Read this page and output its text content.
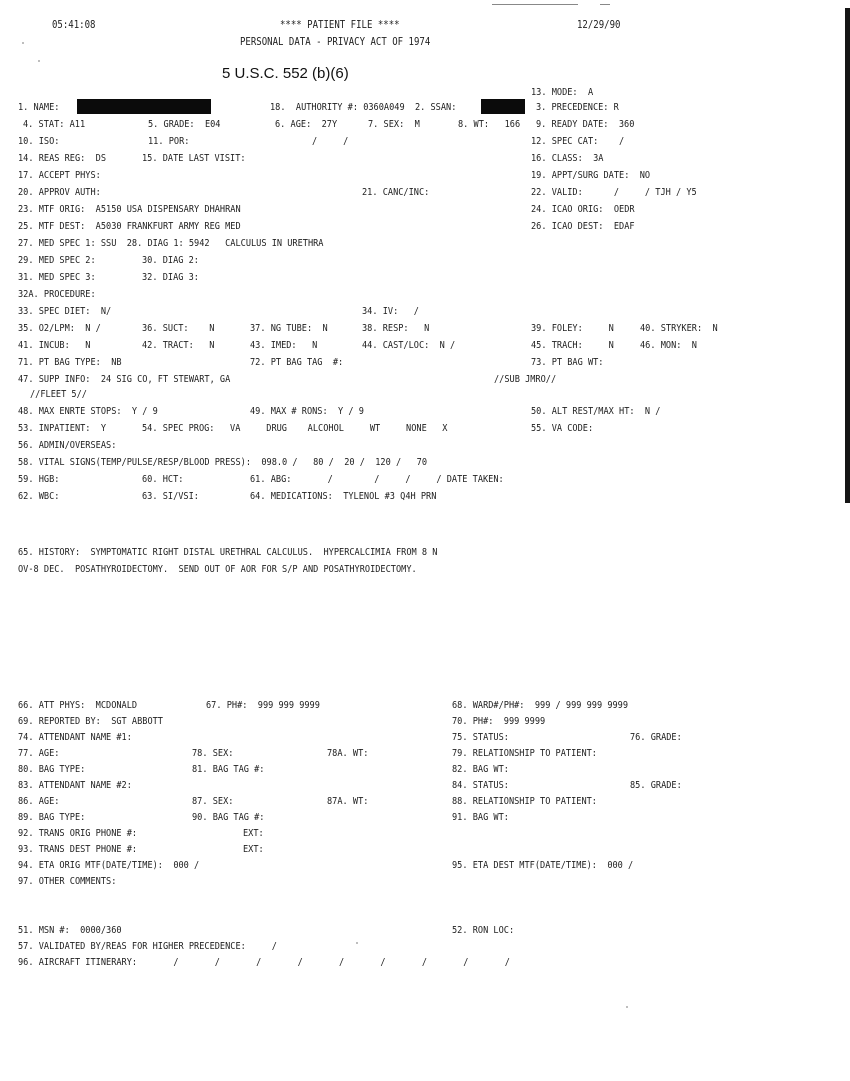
05:41:08	**** PATIENT FILE ****	12/29/90
PERSONAL DATA - PRIVACY ACT OF 1974
5 U.S.C. 552 (b)(6)
13. MODE:  A
1. NAME:	18.  AUTHORITY #: 0360A049  2. SSAN:	3. PRECEDENCE: R
4. STAT: A11	5. GRADE:  E04	6. AGE:  27Y	7. SEX:  M	8. WT:   166 9. READY DATE:  360
10. ISO:	11. POR:	/     /	12. SPEC CAT:    /
14. REAS REG:  DS	15. DATE LAST VISIT:	16. CLASS:  3A
17. ACCEPT PHYS:	19. APPT/SURG DATE:  NO
20. APPROV AUTH:	21. CANC/INC:	22. VALID:      /     / TJH / Y5
23. MTF ORIG:  A5150 USA DISPENSARY DHAHRAN	24. ICAO ORIG:  OEDR
25. MTF DEST:  A5030 FRANKFURT ARMY REG MED	26. ICAO DEST:  EDAF
27. MED SPEC 1: SSU  28. DIAG 1: 5942   CALCULUS IN URETHRA
29. MED SPEC 2:	30. DIAG 2:
31. MED SPEC 3:	32. DIAG 3:
32A. PROCEDURE:
33. SPEC DIET:  N/	34. IV:   /
35. O2/LPM:  N /	36. SUCT:    N	37. NG TUBE:  N	38. RESP:   N	39. FOLEY:     N	40. STRYKER:  N
41. INCUB:   N	42. TRACT:   N	43. IMED:   N	44. CAST/LOC:  N /	45. TRACH:     N	46. MON:  N
71. PT BAG TYPE:  NB	72. PT BAG TAG  #:	73. PT BAG WT:
47. SUPP INFO:  24 SIG CO, FT STEWART, GA	//SUB JMRO//
//FLEET 5//
48. MAX ENRTE STOPS:  Y / 9	49. MAX # RONS:  Y / 9	50. ALT REST/MAX HT:  N /
53. INPATIENT:  Y	54. SPEC PROG:   VA     DRUG    ALCOHOL     WT     NONE   X	55. VA CODE:
56. ADMIN/OVERSEAS:
58. VITAL SIGNS(TEMP/PULSE/RESP/BLOOD PRESS):  098.0 /   80 /  20 /  120 /   70
59. HGB:	60. HCT:	61. ABG:       /        /     /     / DATE TAKEN:
62. WBC:	63. SI/VSI:	64. MEDICATIONS:  TYLENOL #3 Q4H PRN
65. HISTORY:  SYMPTOMATIC RIGHT DISTAL URETHRAL CALCULUS.  HYPERCALCIMIA FROM 8 N
OV-8 DEC.  POSATHYROIDECTOMY.  SEND OUT OF AOR FOR S/P AND POSATHYROIDECTOMY.
66. ATT PHYS:  MCDONALD	67. PH#:  999 999 9999	68. WARD#/PH#:  999 / 999 999 9999
69. REPORTED BY:  SGT ABBOTT	70. PH#:  999 9999
74. ATTENDANT NAME #1:	75. STATUS:	76. GRADE:
77. AGE:	78. SEX:	78A. WT:	79. RELATIONSHIP TO PATIENT:
80. BAG TYPE:	81. BAG TAG #:	82. BAG WT:
83. ATTENDANT NAME #2:	84. STATUS:	85. GRADE:
86. AGE:	87. SEX:	87A. WT:	88. RELATIONSHIP TO PATIENT:
89. BAG TYPE:	90. BAG TAG #:	91. BAG WT:
92. TRANS ORIG PHONE #:	EXT:
93. TRANS DEST PHONE #:	EXT:
94. ETA ORIG MTF(DATE/TIME):  000 /	95. ETA DEST MTF(DATE/TIME):  000 /
97. OTHER COMMENTS:
51. MSN #:  0000/360	52. RON LOC:
57. VALIDATED BY/REAS FOR HIGHER PRECEDENCE:     /
96. AIRCRAFT ITINERARY:       /       /       /       /       /       /       /       /       /
